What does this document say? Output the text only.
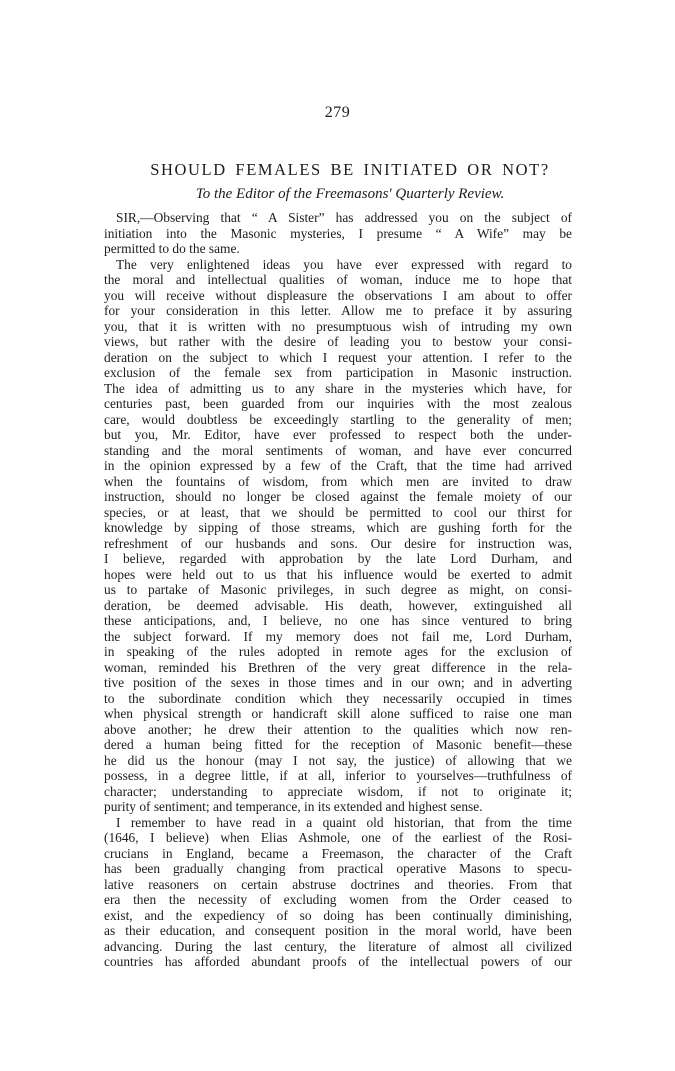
279
SHOULD FEMALES BE INITIATED OR NOT?
To the Editor of the Freemasons' Quarterly Review.
SIR,—Observing that “ A Sister” has addressed you on the subject of
initiation into the Masonic mysteries, I presume “ A Wife” may be
permitted to do the same.
The very enlightened ideas you have ever expressed with regard to
the moral and intellectual qualities of woman, induce me to hope that
you will receive without displeasure the observations I am about to offer
for your consideration in this letter. Allow me to preface it by assuring
you, that it is written with no presumptuous wish of intruding my own
views, but rather with the desire of leading you to bestow your consi-
deration on the subject to which I request your attention. I refer to the
exclusion of the female sex from participation in Masonic instruction.
The idea of admitting us to any share in the mysteries which have, for
centuries past, been guarded from our inquiries with the most zealous
care, would doubtless be exceedingly startling to the generality of men;
but you, Mr. Editor, have ever professed to respect both the under-
standing and the moral sentiments of woman, and have ever concurred
in the opinion expressed by a few of the Craft, that the time had arrived
when the fountains of wisdom, from which men are invited to draw
instruction, should no longer be closed against the female moiety of our
species, or at least, that we should be permitted to cool our thirst for
knowledge by sipping of those streams, which are gushing forth for the
refreshment of our husbands and sons. Our desire for instruction was,
I believe, regarded with approbation by the late Lord Durham, and
hopes were held out to us that his influence would be exerted to admit
us to partake of Masonic privileges, in such degree as might, on consi-
deration, be deemed advisable. His death, however, extinguished all
these anticipations, and, I believe, no one has since ventured to bring
the subject forward. If my memory does not fail me, Lord Durham,
in speaking of the rules adopted in remote ages for the exclusion of
woman, reminded his Brethren of the very great difference in the rela-
tive position of the sexes in those times and in our own; and in adverting
to the subordinate condition which they necessarily occupied in times
when physical strength or handicraft skill alone sufficed to raise one man
above another; he drew their attention to the qualities which now ren-
dered a human being fitted for the reception of Masonic benefit—these
he did us the honour (may I not say, the justice) of allowing that we
possess, in a degree little, if at all, inferior to yourselves—truthfulness of
character; understanding to appreciate wisdom, if not to originate it;
purity of sentiment; and temperance, in its extended and highest sense.
I remember to have read in a quaint old historian, that from the time
(1646, I believe) when Elias Ashmole, one of the earliest of the Rosi-
crucians in England, became a Freemason, the character of the Craft
has been gradually changing from practical operative Masons to specu-
lative reasoners on certain abstruse doctrines and theories. From that
era then the necessity of excluding women from the Order ceased to
exist, and the expediency of so doing has been continually diminishing,
as their education, and consequent position in the moral world, have been
advancing. During the last century, the literature of almost all civilized
countries has afforded abundant proofs of the intellectual powers of our
